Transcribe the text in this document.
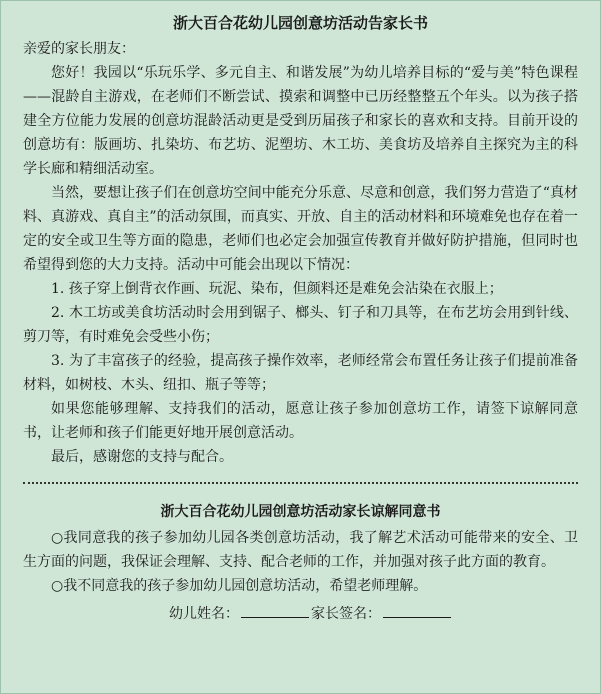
浙大百合花幼儿园创意坊活动告家长书

亲爱的家长朋友：

您好！我园以“乐玩乐学、多元自主、和谐发展”为幼儿培养目标的“爱与美”特色课程——混龄自主游戏，在老师们不断尝试、摸索和调整中已历经整整五个年头。以为孩子搭建全方位能力发展的创意坊混龄活动更是受到历届孩子和家长的喜欢和支持。目前开设的创意坊有：版画坊、扎染坊、布艺坊、泥塑坊、木工坊、美食坊及培养自主探究为主的科学长廊和精细活动室。

当然，要想让孩子们在创意坊空间中能充分乐意、尽意和创意，我们努力营造了“真材料、真游戏、真自主”的活动氛围，而真实、开放、自主的活动材料和环境难免也存在着一定的安全或卫生等方面的隐患，老师们也必定会加强宣传教育并做好防护措施，但同时也希望得到您的大力支持。活动中可能会出现以下情况：

1. 孩子穿上倒背衣作画、玩泥、染布，但颜料还是难免会沾染在衣服上；

2. 木工坊或美食坊活动时会用到锯子、榔头、钉子和刀具等，在布艺坊会用到针线、剪刀等，有时难免会受些小伤；

3. 为了丰富孩子的经验，提高孩子操作效率，老师经常会布置任务让孩子们提前准备材料，如树枝、木头、纽扣、瓶子等等；

如果您能够理解、支持我们的活动，愿意让孩子参加创意坊工作，请签下谅解同意书，让老师和孩子们能更好地开展创意活动。

最后，感谢您的支持与配合。

浙大百合花幼儿园创意坊活动家长谅解同意书

○我同意我的孩子参加幼儿园各类创意坊活动，我了解艺术活动可能带来的安全、卫生方面的问题，我保证会理解、支持、配合老师的工作，并加强对孩子此方面的教育。

○我不同意我的孩子参加幼儿园创意坊活动，希望老师理解。

幼儿姓名：	家长签名：
